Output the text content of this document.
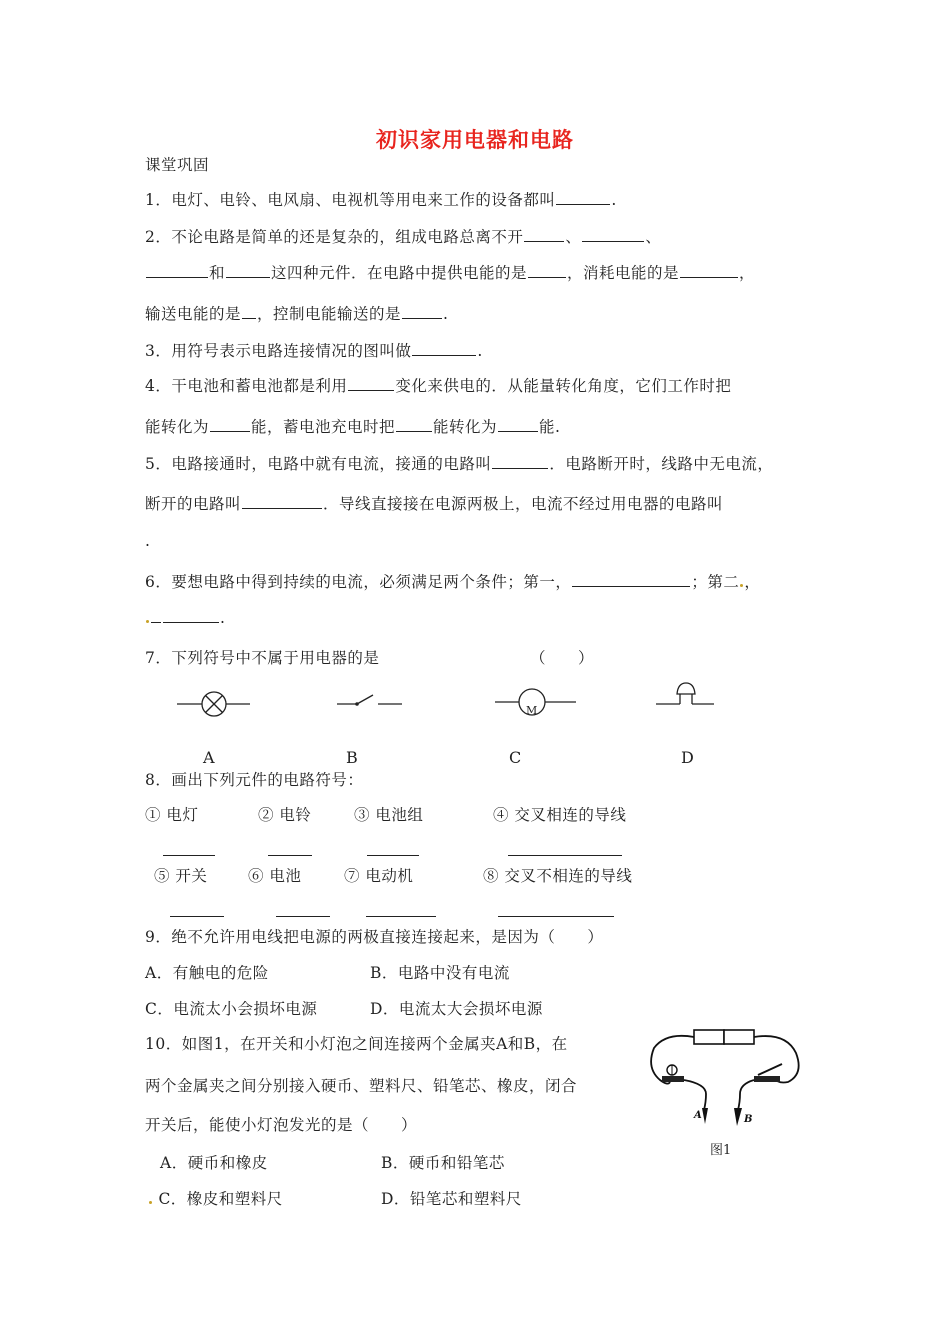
初识家用电器和电路
课堂巩固
1．电灯、电铃、电风扇、电视机等用电来工作的设备都叫	.
2．不论电路是简单的还是复杂的，组成电路总离不开	、	、
和	这四种元件．在电路中提供电能的是	，消耗电能的是	，
输送电能的是 ，控制电能输送的是	.
3．用符号表示电路连接情况的图叫做	.
4．干电池和蓄电池都是利用	变化来供电的．从能量转化角度，它们工作时把
能转化为	能，蓄电池充电时把 能转化为	能.
5．电路接通时，电路中就有电流，接通的电路叫	．电路断开时，线路中无电流，
断开的电路叫	．导线直接接在电源两极上，电流不经过用电器的电路叫
.
6．要想电路中得到持续的电流，必须满足两个条件；第一，	；第二 ，
.
7．下列符号中不属于用电器的是	（　　）
M
A	B	C	D
8．画出下列元件的电路符号：
① 电灯	② 电铃	③ 电池组	④ 交叉相连的导线
⑤ 开关	⑥ 电池	⑦ 电动机	⑧ 交叉不相连的导线
9．绝不允许用电线把电源的两极直接连接起来，是因为（　　）
A．有触电的危险	B．电路中没有电流
C．电流太小会损坏电源	D．电流太大会损坏电源
10．如图1，在开关和小灯泡之间连接两个金属夹A和B，在
两个金属夹之间分别接入硬币、塑料尺、铅笔芯、橡皮，闭合
开关后，能使小灯泡发光的是（　　）
A．硬币和橡皮	B．硬币和铅笔芯
C．橡皮和塑料尺	D．铅笔芯和塑料尺
A	B
图1
